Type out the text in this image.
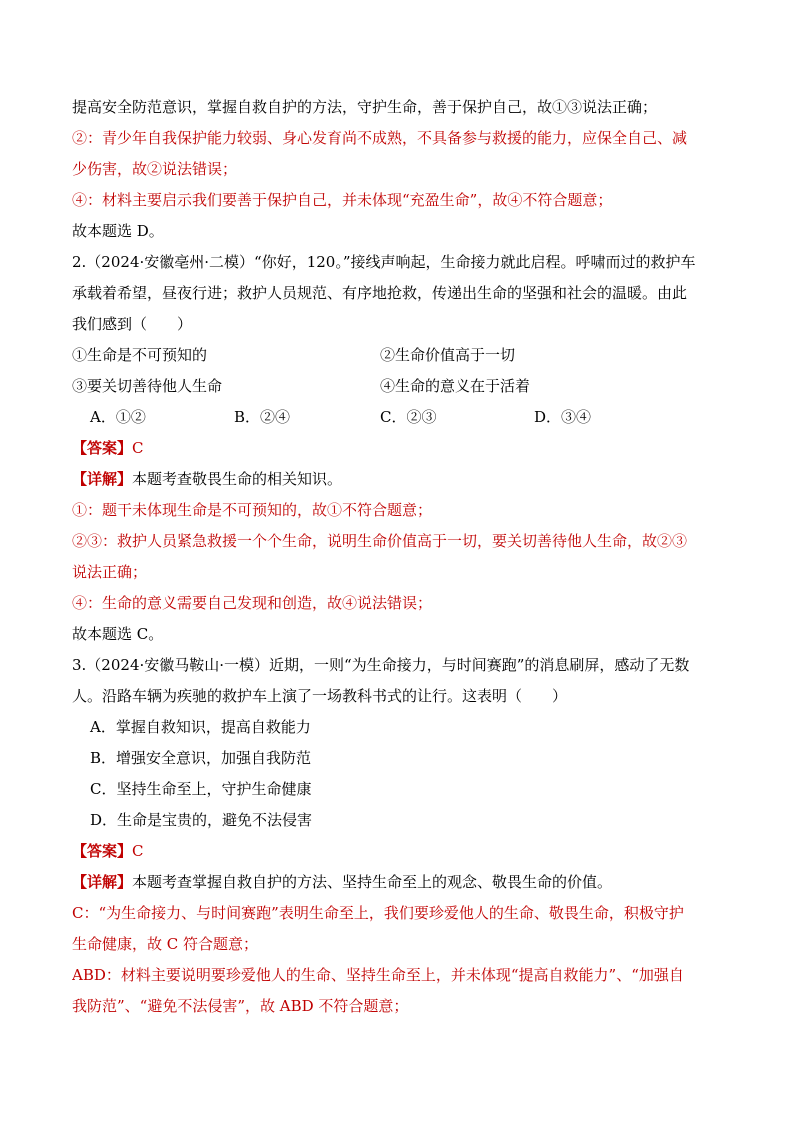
提高安全防范意识，掌握自救自护的方法，守护生命，善于保护自己，故①③说法正确；
②：青少年自我保护能力较弱、身心发育尚不成熟，不具备参与救援的能力，应保全自己、减
少伤害，故②说法错误；
④：材料主要启示我们要善于保护自己，并未体现“充盈生命”，故④不符合题意；
故本题选 D。
2.（2024·安徽亳州·二模）“你好，120。”接线声响起，生命接力就此启程。呼啸而过的救护车
承载着希望，昼夜行进；救护人员规范、有序地抢救，传递出生命的坚强和社会的温暖。由此
我们感到（　　）
①生命是不可预知的	②生命价值高于一切
③要关切善待他人生命	④生命的意义在于活着
A．①②	B．②④	C．②③	D．③④
【答案】C
【详解】本题考查敬畏生命的相关知识。
①：题干未体现生命是不可预知的，故①不符合题意；
②③：救护人员紧急救援一个个生命，说明生命价值高于一切，要关切善待他人生命，故②③
说法正确；
④：生命的意义需要自己发现和创造，故④说法错误；
故本题选 C。
3.（2024·安徽马鞍山·一模）近期，一则“为生命接力，与时间赛跑”的消息刷屏，感动了无数
人。沿路车辆为疾驰的救护车上演了一场教科书式的让行。这表明（　　）
A．掌握自救知识，提高自救能力
B．增强安全意识，加强自我防范
C．坚持生命至上，守护生命健康
D．生命是宝贵的，避免不法侵害
【答案】C
【详解】本题考查掌握自救自护的方法、坚持生命至上的观念、敬畏生命的价值。
C：“为生命接力、与时间赛跑”表明生命至上，我们要珍爱他人的生命、敬畏生命，积极守护
生命健康，故 C 符合题意；
ABD：材料主要说明要珍爱他人的生命、坚持生命至上，并未体现“提高自救能力”、“加强自
我防范”、“避免不法侵害”，故 ABD 不符合题意；
